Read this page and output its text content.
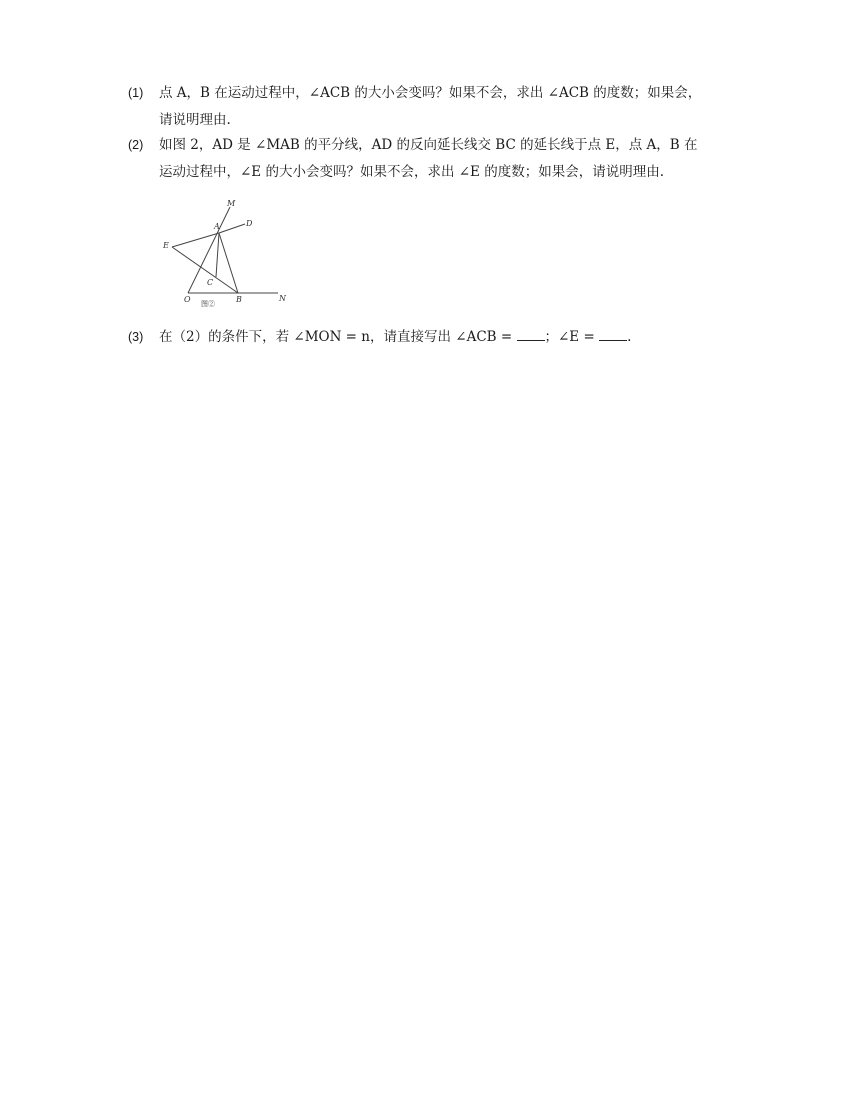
(1) 点 A，B 在运动过程中，∠ACB 的大小会变吗？如果不会，求出 ∠ACB 的度数；如果会，
请说明理由.
(2) 如图 2，AD 是 ∠MAB 的平分线，AD 的反向延长线交 BC 的延长线于点 E，点 A，B 在
运动过程中，∠E 的大小会变吗？如果不会，求出 ∠E 的度数；如果会，请说明理由.
M
A	D
E
C
O	B	N
图②
(3) 在（2）的条件下，若 ∠MON = n，请直接写出 ∠ACB = ；∠E = .
